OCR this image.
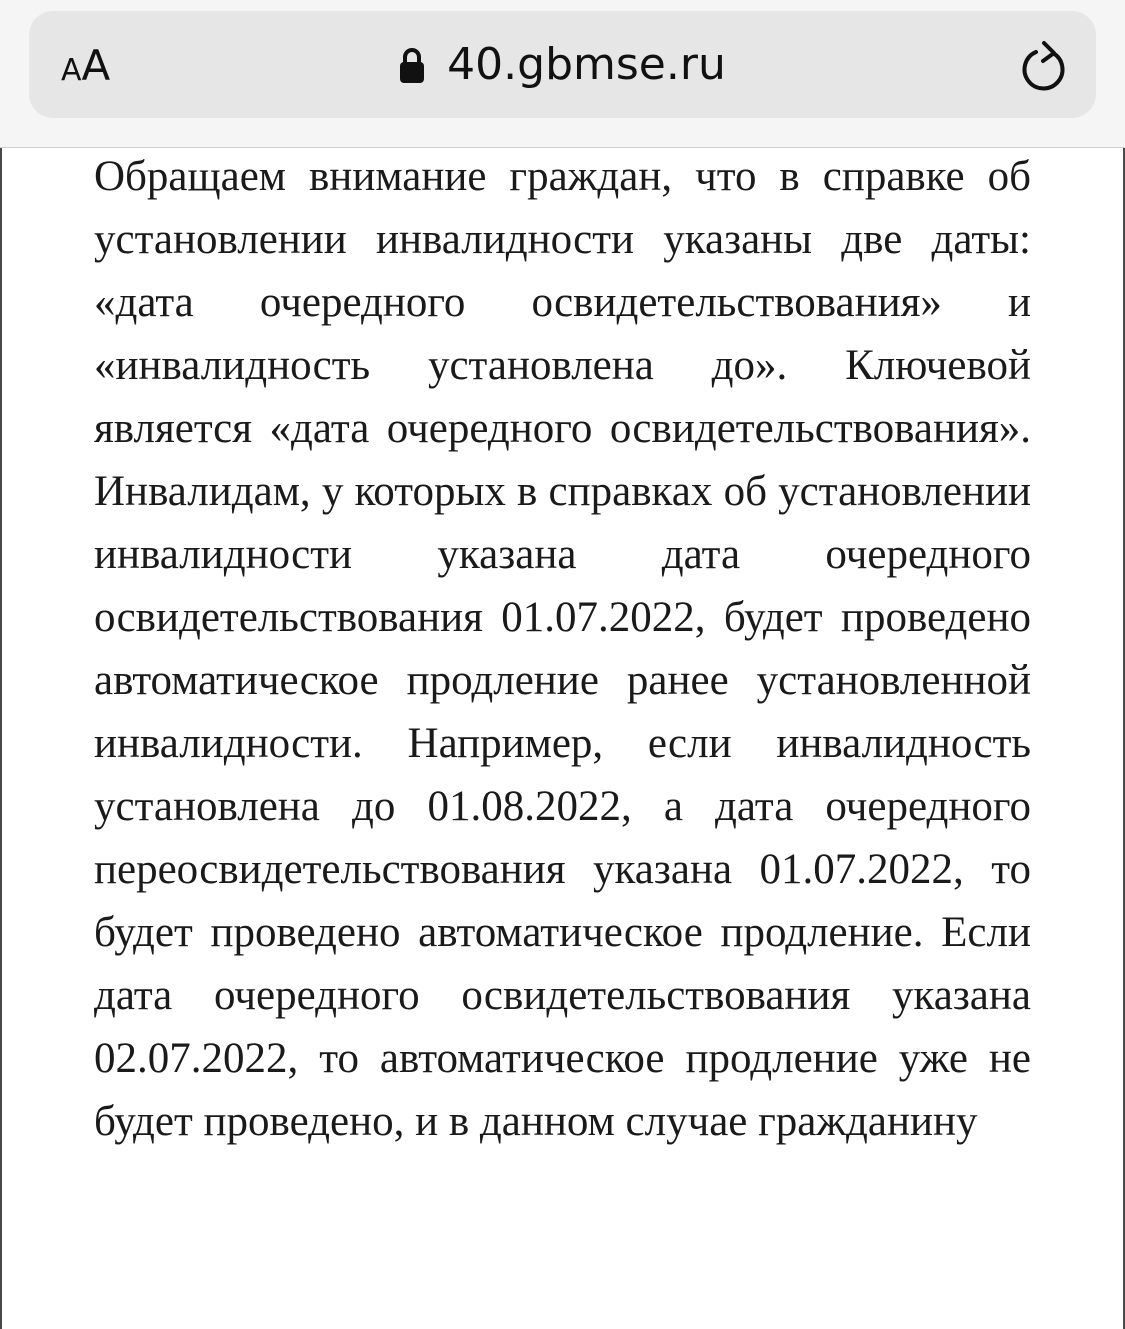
A A	40.gbmse.ru

Обращаем внимание граждан, что в справке об установлении инвалидности указаны две даты: «дата очередного освидетельствования» и «инвалидность установлена до». Ключевой является «дата очередного освидетельствования». Инвалидам, у которых в справках об установлении инвалидности указана дата очередного освидетельствования 01.07.2022, будет проведено автоматическое продление ранее установленной инвалидности. Например, если инвалидность установлена до 01.08.2022, а дата очередного переосвидетельствования указана 01.07.2022, то будет проведено автоматическое продление. Если дата очередного освидетельствования указана 02.07.2022, то автоматическое продление уже не будет проведено, и в данном случае гражданину
